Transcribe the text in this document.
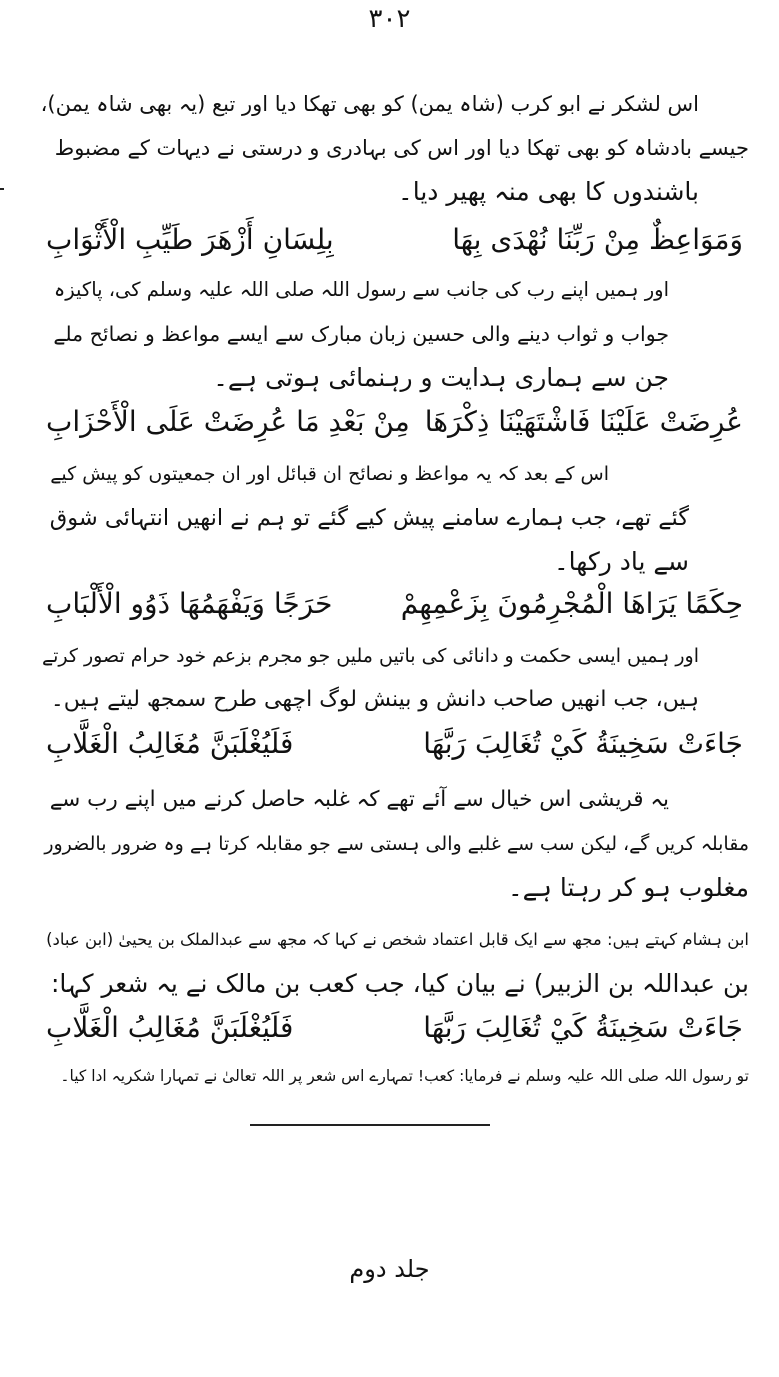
۳۰۲
اس لشکر نے ابو کرب (شاہ یمن) کو بھی تھکا دیا اور تبع (یہ بھی شاہ یمن)،
جیسے بادشاہ کو بھی تھکا دیا اور اس کی بہادری و درستی نے دیہات کے مضبوط
باشندوں کا بھی منہ پھیر دیا۔
وَمَوَاعِظٌ مِنْ رَبِّنَا نُهْدَى بِهَا
بِلِسَانِ أَزْهَرَ طَيِّبِ الْأَثْوَابِ
اور ہمیں اپنے رب کی جانب سے رسول اللہ صلی اللہ علیہ وسلم کی، پاکیزہ
جواب و ثواب دینے والی حسین زبان مبارک سے ایسے مواعظ و نصائح ملے
جن سے ہماری ہدایت و رہنمائی ہوتی ہے۔
عُرِضَتْ عَلَيْنَا فَاشْتَهَيْنَا ذِكْرَهَا
مِنْ بَعْدِ مَا عُرِضَتْ عَلَى الْأَحْزَابِ
اس کے بعد کہ یہ مواعظ و نصائح ان قبائل اور ان جمعیتوں کو پیش کیے
گئے تھے، جب ہمارے سامنے پیش کیے گئے تو ہم نے انھیں انتہائی شوق
سے یاد رکھا۔
حِكَمًا يَرَاهَا الْمُجْرِمُونَ بِزَعْمِهِمْ
حَرَجًا وَيَفْهَمُهَا ذَوُو الْأَلْبَابِ
اور ہمیں ایسی حکمت و دانائی کی باتیں ملیں جو مجرم بزعم خود حرام تصور کرتے
ہیں، جب انھیں صاحب دانش و بینش لوگ اچھی طرح سمجھ لیتے ہیں۔
جَاءَتْ سَخِينَةُ كَيْ تُغَالِبَ رَبَّهَا
فَلَيُغْلَبَنَّ مُغَالِبُ الْغَلَّابِ
یہ قریشی اس خیال سے آئے تھے کہ غلبہ حاصل کرنے میں اپنے رب سے
مقابلہ کریں گے، لیکن سب سے غلبے والی ہستی سے جو مقابلہ کرتا ہے وہ ضرور بالضرور
مغلوب ہو کر رہتا ہے۔
ابن ہشام کہتے ہیں: مجھ سے ایک قابل اعتماد شخص نے کہا کہ مجھ سے عبدالملک بن یحییٰ (ابن عباد)
بن عبداللہ بن الزبیر) نے بیان کیا، جب کعب بن مالک نے یہ شعر کہا:
جَاءَتْ سَخِينَةُ كَيْ تُغَالِبَ رَبَّهَا
فَلَيُغْلَبَنَّ مُغَالِبُ الْغَلَّابِ
تو رسول اللہ صلی اللہ علیہ وسلم نے فرمایا: کعب! تمہارے اس شعر پر اللہ تعالیٰ نے تمہارا شکریہ ادا کیا۔
جلد دوم
